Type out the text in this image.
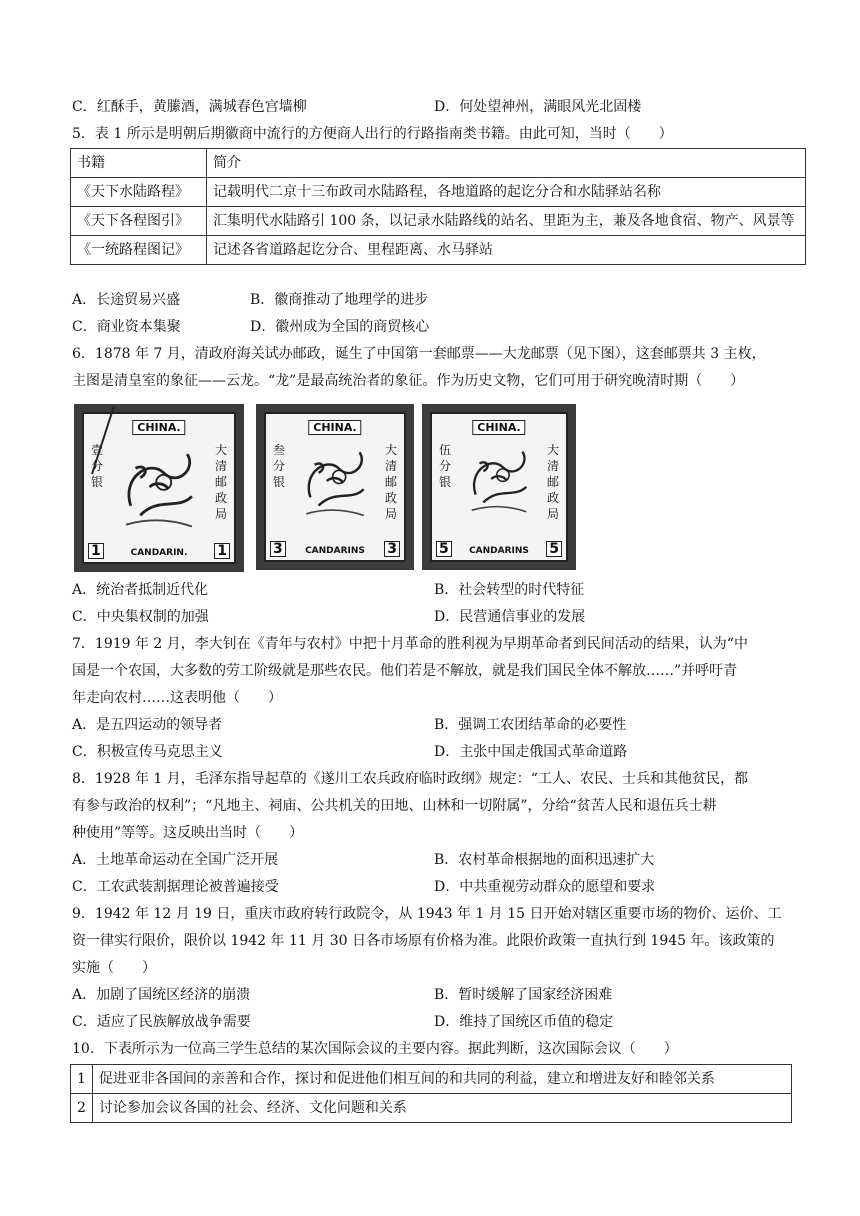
C．红酥手，黄縢酒，满城春色宫墙柳	D．何处望神州，满眼风光北固楼
5．表 1 所示是明朝后期徽商中流行的方便商人出行的行路指南类书籍。由此可知，当时（　　）
书籍	简介
《天下水陆路程》	记载明代二京十三布政司水陆路程，各地道路的起讫分合和水陆驿站名称
《天下各程图引》	汇集明代水陆路引 100 条，以记录水陆路线的站名、里距为主，兼及各地食宿、物产、风景等
《一统路程图记》	记述各省道路起讫分合、里程距离、水马驿站
A．长途贸易兴盛	B．徽商推动了地理学的进步
C．商业资本集聚	D．徽州成为全国的商贸核心
6．1878 年 7 月，清政府海关试办邮政，诞生了中国第一套邮票——大龙邮票（见下图），这套邮票共 3 主枚，
主图是清皇室的象征——云龙。“龙”是最高统治者的象征。作为历史文物，它们可用于研究晚清时期（　　）
CHINA.
壹分银
大清邮政局
1	CANDARIN. 1
CHINA.
叁分银
大清邮政局
3	CANDARINS 3
CHINA.
伍分银
大清邮政局
5	CANDARINS 5
A．统治者抵制近代化	B．社会转型的时代特征
C．中央集权制的加强	D．民营通信事业的发展
7．1919 年 2 月，李大钊在《青年与农村》中把十月革命的胜利视为早期革命者到民间活动的结果，认为“中
国是一个农国，大多数的劳工阶级就是那些农民。他们若是不解放，就是我们国民全体不解放……”并呼吁青
年走向农村……这表明他（　　）
A．是五四运动的领导者	B．强调工农团结革命的必要性
C．积极宣传马克思主义	D．主张中国走俄国式革命道路
8．1928 年 1 月，毛泽东指导起草的《遂川工农兵政府临时政纲》规定：“工人、农民、士兵和其他贫民，都
有参与政治的权利”；“凡地主、祠庙、公共机关的田地、山林和一切附属”，分给“贫苦人民和退伍兵士耕
种使用”等等。这反映出当时（　　）
A．土地革命运动在全国广泛开展	B．农村革命根据地的面积迅速扩大
C．工农武装割据理论被普遍接受	D．中共重视劳动群众的愿望和要求
9．1942 年 12 月 19 日，重庆市政府转行政院令，从 1943 年 1 月 15 日开始对辖区重要市场的物价、运价、工
资一律实行限价，限价以 1942 年 11 月 30 日各市场原有价格为准。此限价政策一直执行到 1945 年。该政策的
实施（　　）
A．加剧了国统区经济的崩溃	B．暂时缓解了国家经济困难
C．适应了民族解放战争需要	D．维持了国统区币值的稳定
10．下表所示为一位高三学生总结的某次国际会议的主要内容。据此判断，这次国际会议（　　）
1	促进亚非各国间的亲善和合作，探讨和促进他们相互间的和共同的利益，建立和增进友好和睦邻关系
2	讨论参加会议各国的社会、经济、文化问题和关系
